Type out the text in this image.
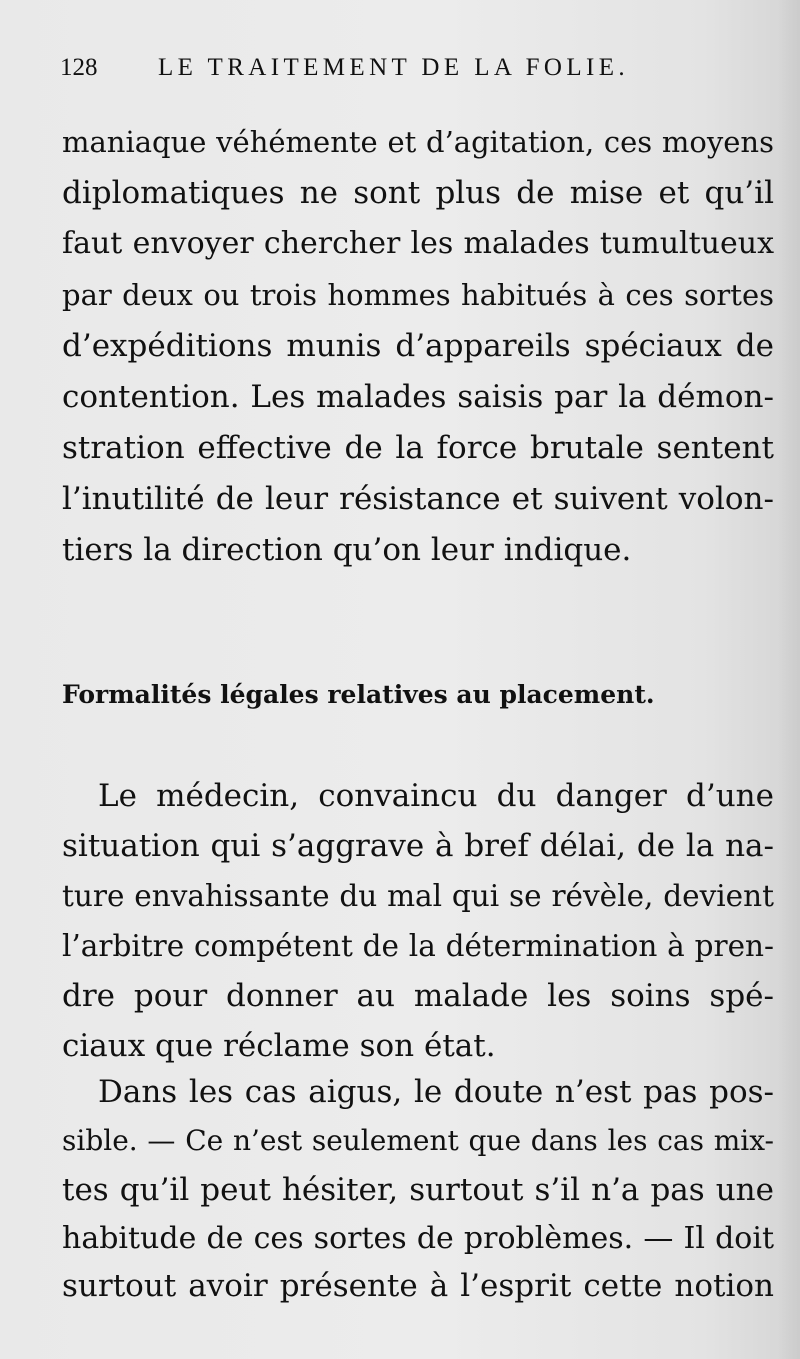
128 LE TRAITEMENT DE LA FOLIE.
maniaque véhémente et d’agitation, ces moyens
diplomatiques ne sont plus de mise et qu’il
faut envoyer chercher les malades tumultueux
par deux ou trois hommes habitués à ces sortes
d’expéditions munis d’appareils spéciaux de
contention. Les malades saisis par la démon-
stration effective de la force brutale sentent
l’inutilité de leur résistance et suivent volon-
tiers la direction qu’on leur indique.
Formalités légales relatives au placement.
Le médecin, convaincu du danger d’une
situation qui s’aggrave à bref délai, de la na-
ture envahissante du mal qui se révèle, devient
l’arbitre compétent de la détermination à pren-
dre pour donner au malade les soins spé-
ciaux que réclame son état.
Dans les cas aigus, le doute n’est pas pos-
sible. — Ce n’est seulement que dans les cas mix-
tes qu’il peut hésiter, surtout s’il n’a pas une
habitude de ces sortes de problèmes. — Il doit
surtout avoir présente à l’esprit cette notion
